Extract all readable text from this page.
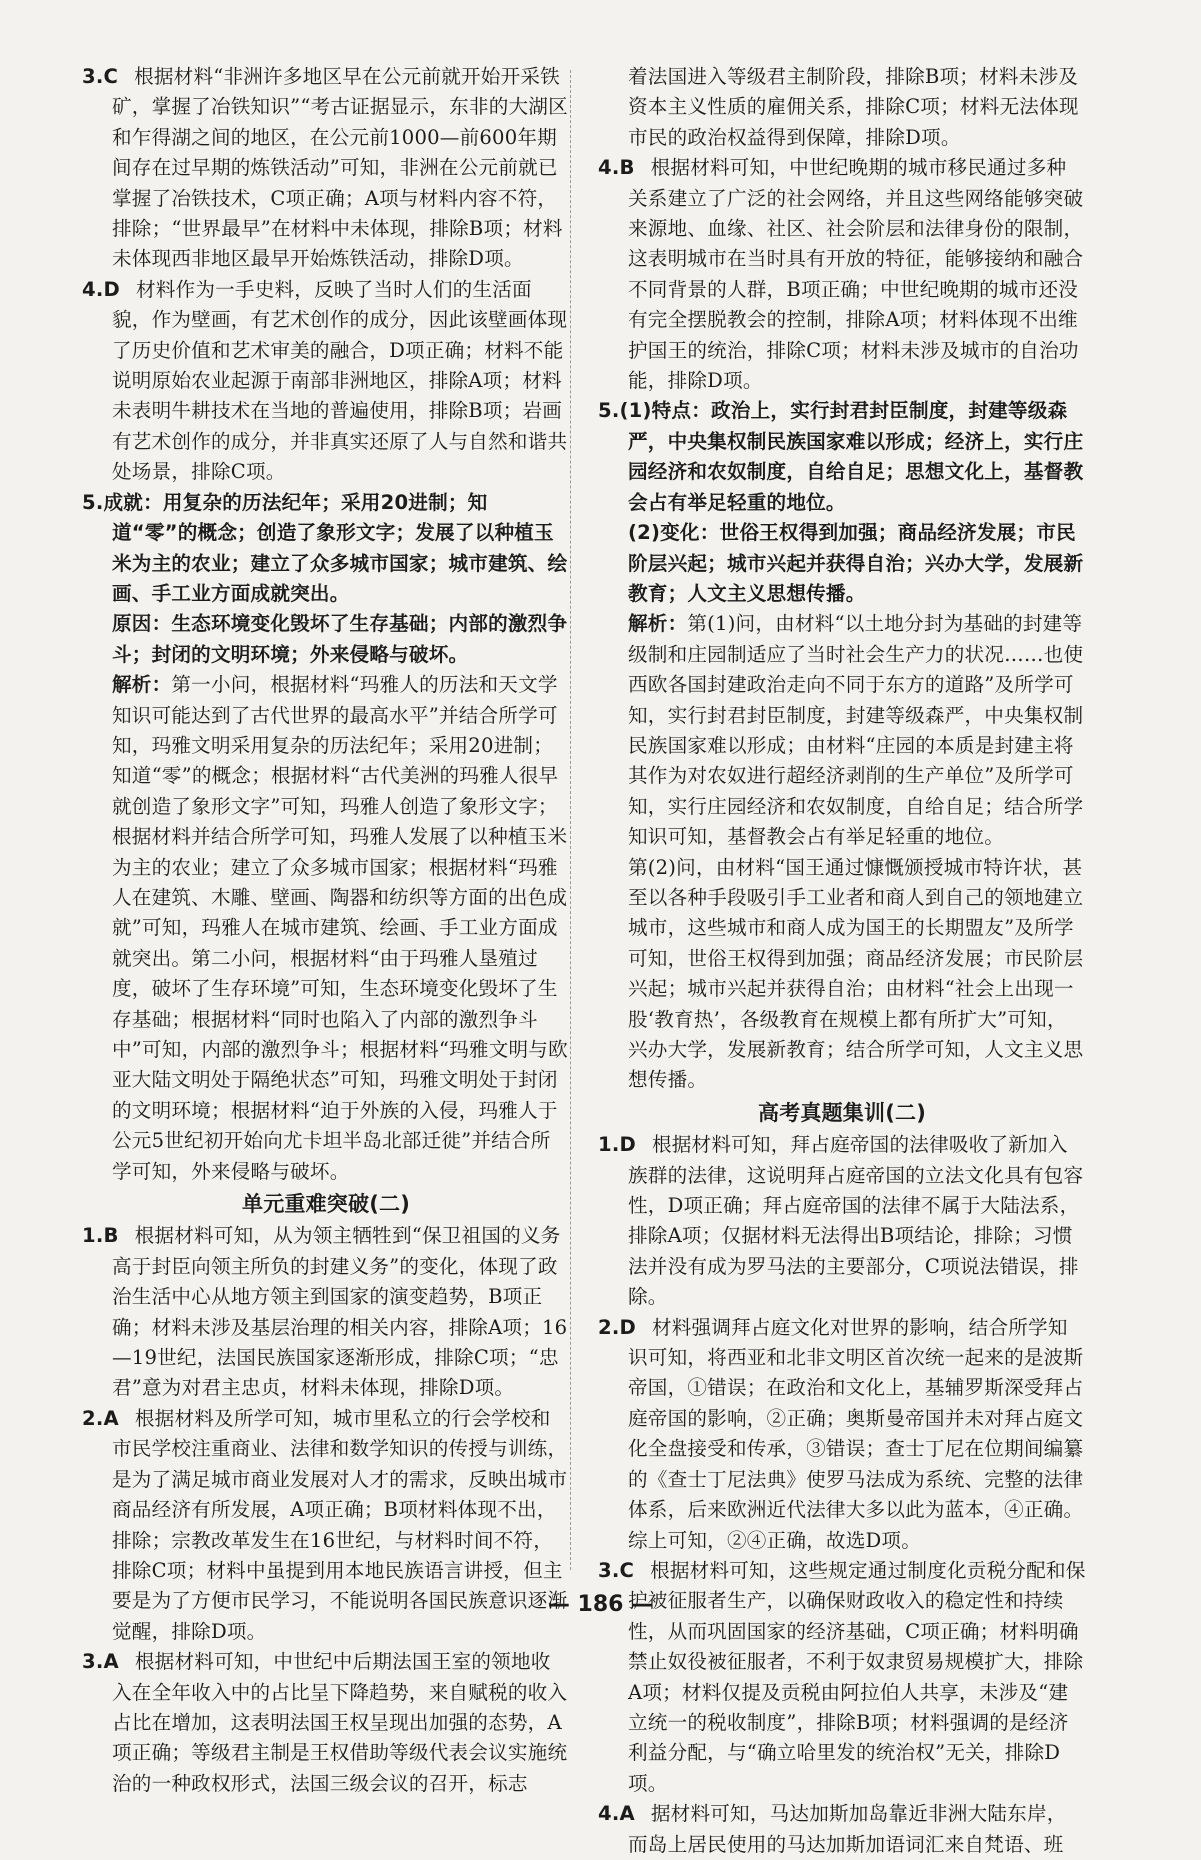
3.C 根据材料“非洲许多地区早在公元前就开始开采铁矿，掌握了冶铁知识”“考古证据显示，东非的大湖区和乍得湖之间的地区，在公元前1000—前600年期间存在过早期的炼铁活动”可知，非洲在公元前就已掌握了冶铁技术，C项正确；A项与材料内容不符，排除；“世界最早”在材料中未体现，排除B项；材料未体现西非地区最早开始炼铁活动，排除D项。

4.D 材料作为一手史料，反映了当时人们的生活面貌，作为壁画，有艺术创作的成分，因此该壁画体现了历史价值和艺术审美的融合，D项正确；材料不能说明原始农业起源于南部非洲地区，排除A项；材料未表明牛耕技术在当地的普遍使用，排除B项；岩画有艺术创作的成分，并非真实还原了人与自然和谐共处场景，排除C项。

5.成就：用复杂的历法纪年；采用20进制；知道“零”的概念；创造了象形文字；发展了以种植玉米为主的农业；建立了众多城市国家；城市建筑、绘画、手工业方面成就突出。

原因：生态环境变化毁坏了生存基础；内部的激烈争斗；封闭的文明环境；外来侵略与破坏。

解析：第一小问，根据材料“玛雅人的历法和天文学知识可能达到了古代世界的最高水平”并结合所学可知，玛雅文明采用复杂的历法纪年；采用20进制；知道“零”的概念；根据材料“古代美洲的玛雅人很早就创造了象形文字”可知，玛雅人创造了象形文字；根据材料并结合所学可知，玛雅人发展了以种植玉米为主的农业；建立了众多城市国家；根据材料“玛雅人在建筑、木雕、壁画、陶器和纺织等方面的出色成就”可知，玛雅人在城市建筑、绘画、手工业方面成就突出。第二小问，根据材料“由于玛雅人垦殖过度，破坏了生存环境”可知，生态环境变化毁坏了生存基础；根据材料“同时也陷入了内部的激烈争斗中”可知，内部的激烈争斗；根据材料“玛雅文明与欧亚大陆文明处于隔绝状态”可知，玛雅文明处于封闭的文明环境；根据材料“迫于外族的入侵，玛雅人于公元5世纪初开始向尤卡坦半岛北部迁徙”并结合所学可知，外来侵略与破坏。

单元重难突破(二)

1.B 根据材料可知，从为领主牺牲到“保卫祖国的义务高于封臣向领主所负的封建义务”的变化，体现了政治生活中心从地方领主到国家的演变趋势，B项正确；材料未涉及基层治理的相关内容，排除A项；16—19世纪，法国民族国家逐渐形成，排除C项；“忠君”意为对君主忠贞，材料未体现，排除D项。

2.A 根据材料及所学可知，城市里私立的行会学校和市民学校注重商业、法律和数学知识的传授与训练，是为了满足城市商业发展对人才的需求，反映出城市商品经济有所发展，A项正确；B项材料体现不出，排除；宗教改革发生在16世纪，与材料时间不符，排除C项；材料中虽提到用本地民族语言讲授，但主要是为了方便市民学习，不能说明各国民族意识逐渐觉醒，排除D项。

3.A 根据材料可知，中世纪中后期法国王室的领地收入在全年收入中的占比呈下降趋势，来自赋税的收入占比在增加，这表明法国王权呈现出加强的态势，A项正确；等级君主制是王权借助等级代表会议实施统治的一种政权形式，法国三级会议的召开，标志

着法国进入等级君主制阶段，排除B项；材料未涉及资本主义性质的雇佣关系，排除C项；材料无法体现市民的政治权益得到保障，排除D项。

4.B 根据材料可知，中世纪晚期的城市移民通过多种关系建立了广泛的社会网络，并且这些网络能够突破来源地、血缘、社区、社会阶层和法律身份的限制，这表明城市在当时具有开放的特征，能够接纳和融合不同背景的人群，B项正确；中世纪晚期的城市还没有完全摆脱教会的控制，排除A项；材料体现不出维护国王的统治，排除C项；材料未涉及城市的自治功能，排除D项。

5.(1)特点：政治上，实行封君封臣制度，封建等级森严，中央集权制民族国家难以形成；经济上，实行庄园经济和农奴制度，自给自足；思想文化上，基督教会占有举足轻重的地位。

(2)变化：世俗王权得到加强；商品经济发展；市民阶层兴起；城市兴起并获得自治；兴办大学，发展新教育；人文主义思想传播。

解析：第(1)问，由材料“以土地分封为基础的封建等级制和庄园制适应了当时社会生产力的状况……也使西欧各国封建政治走向不同于东方的道路”及所学可知，实行封君封臣制度，封建等级森严，中央集权制民族国家难以形成；由材料“庄园的本质是封建主将其作为对农奴进行超经济剥削的生产单位”及所学可知，实行庄园经济和农奴制度，自给自足；结合所学知识可知，基督教会占有举足轻重的地位。

第(2)问，由材料“国王通过慷慨颁授城市特许状，甚至以各种手段吸引手工业者和商人到自己的领地建立城市，这些城市和商人成为国王的长期盟友”及所学可知，世俗王权得到加强；商品经济发展；市民阶层兴起；城市兴起并获得自治；由材料“社会上出现一股‘教育热’，各级教育在规模上都有所扩大”可知，兴办大学，发展新教育；结合所学可知，人文主义思想传播。

高考真题集训(二)

1.D 根据材料可知，拜占庭帝国的法律吸收了新加入族群的法律，这说明拜占庭帝国的立法文化具有包容性，D项正确；拜占庭帝国的法律不属于大陆法系，排除A项；仅据材料无法得出B项结论，排除；习惯法并没有成为罗马法的主要部分，C项说法错误，排除。

2.D 材料强调拜占庭文化对世界的影响，结合所学知识可知，将西亚和北非文明区首次统一起来的是波斯帝国，①错误；在政治和文化上，基辅罗斯深受拜占庭帝国的影响，②正确；奥斯曼帝国并未对拜占庭文化全盘接受和传承，③错误；查士丁尼在位期间编纂的《查士丁尼法典》使罗马法成为系统、完整的法律体系，后来欧洲近代法律大多以此为蓝本，④正确。综上可知，②④正确，故选D项。

3.C 根据材料可知，这些规定通过制度化贡税分配和保护被征服者生产，以确保财政收入的稳定性和持续性，从而巩固国家的经济基础，C项正确；材料明确禁止奴役被征服者，不利于奴隶贸易规模扩大，排除A项；材料仅提及贡税由阿拉伯人共享，未涉及“建立统一的税收制度”，排除B项；材料强调的是经济利益分配，与“确立哈里发的统治权”无关，排除D项。

4.A 据材料可知，马达加斯加岛靠近非洲大陆东岸，而岛上居民使用的马达加斯加语词汇来自梵语、班

— 186 —
